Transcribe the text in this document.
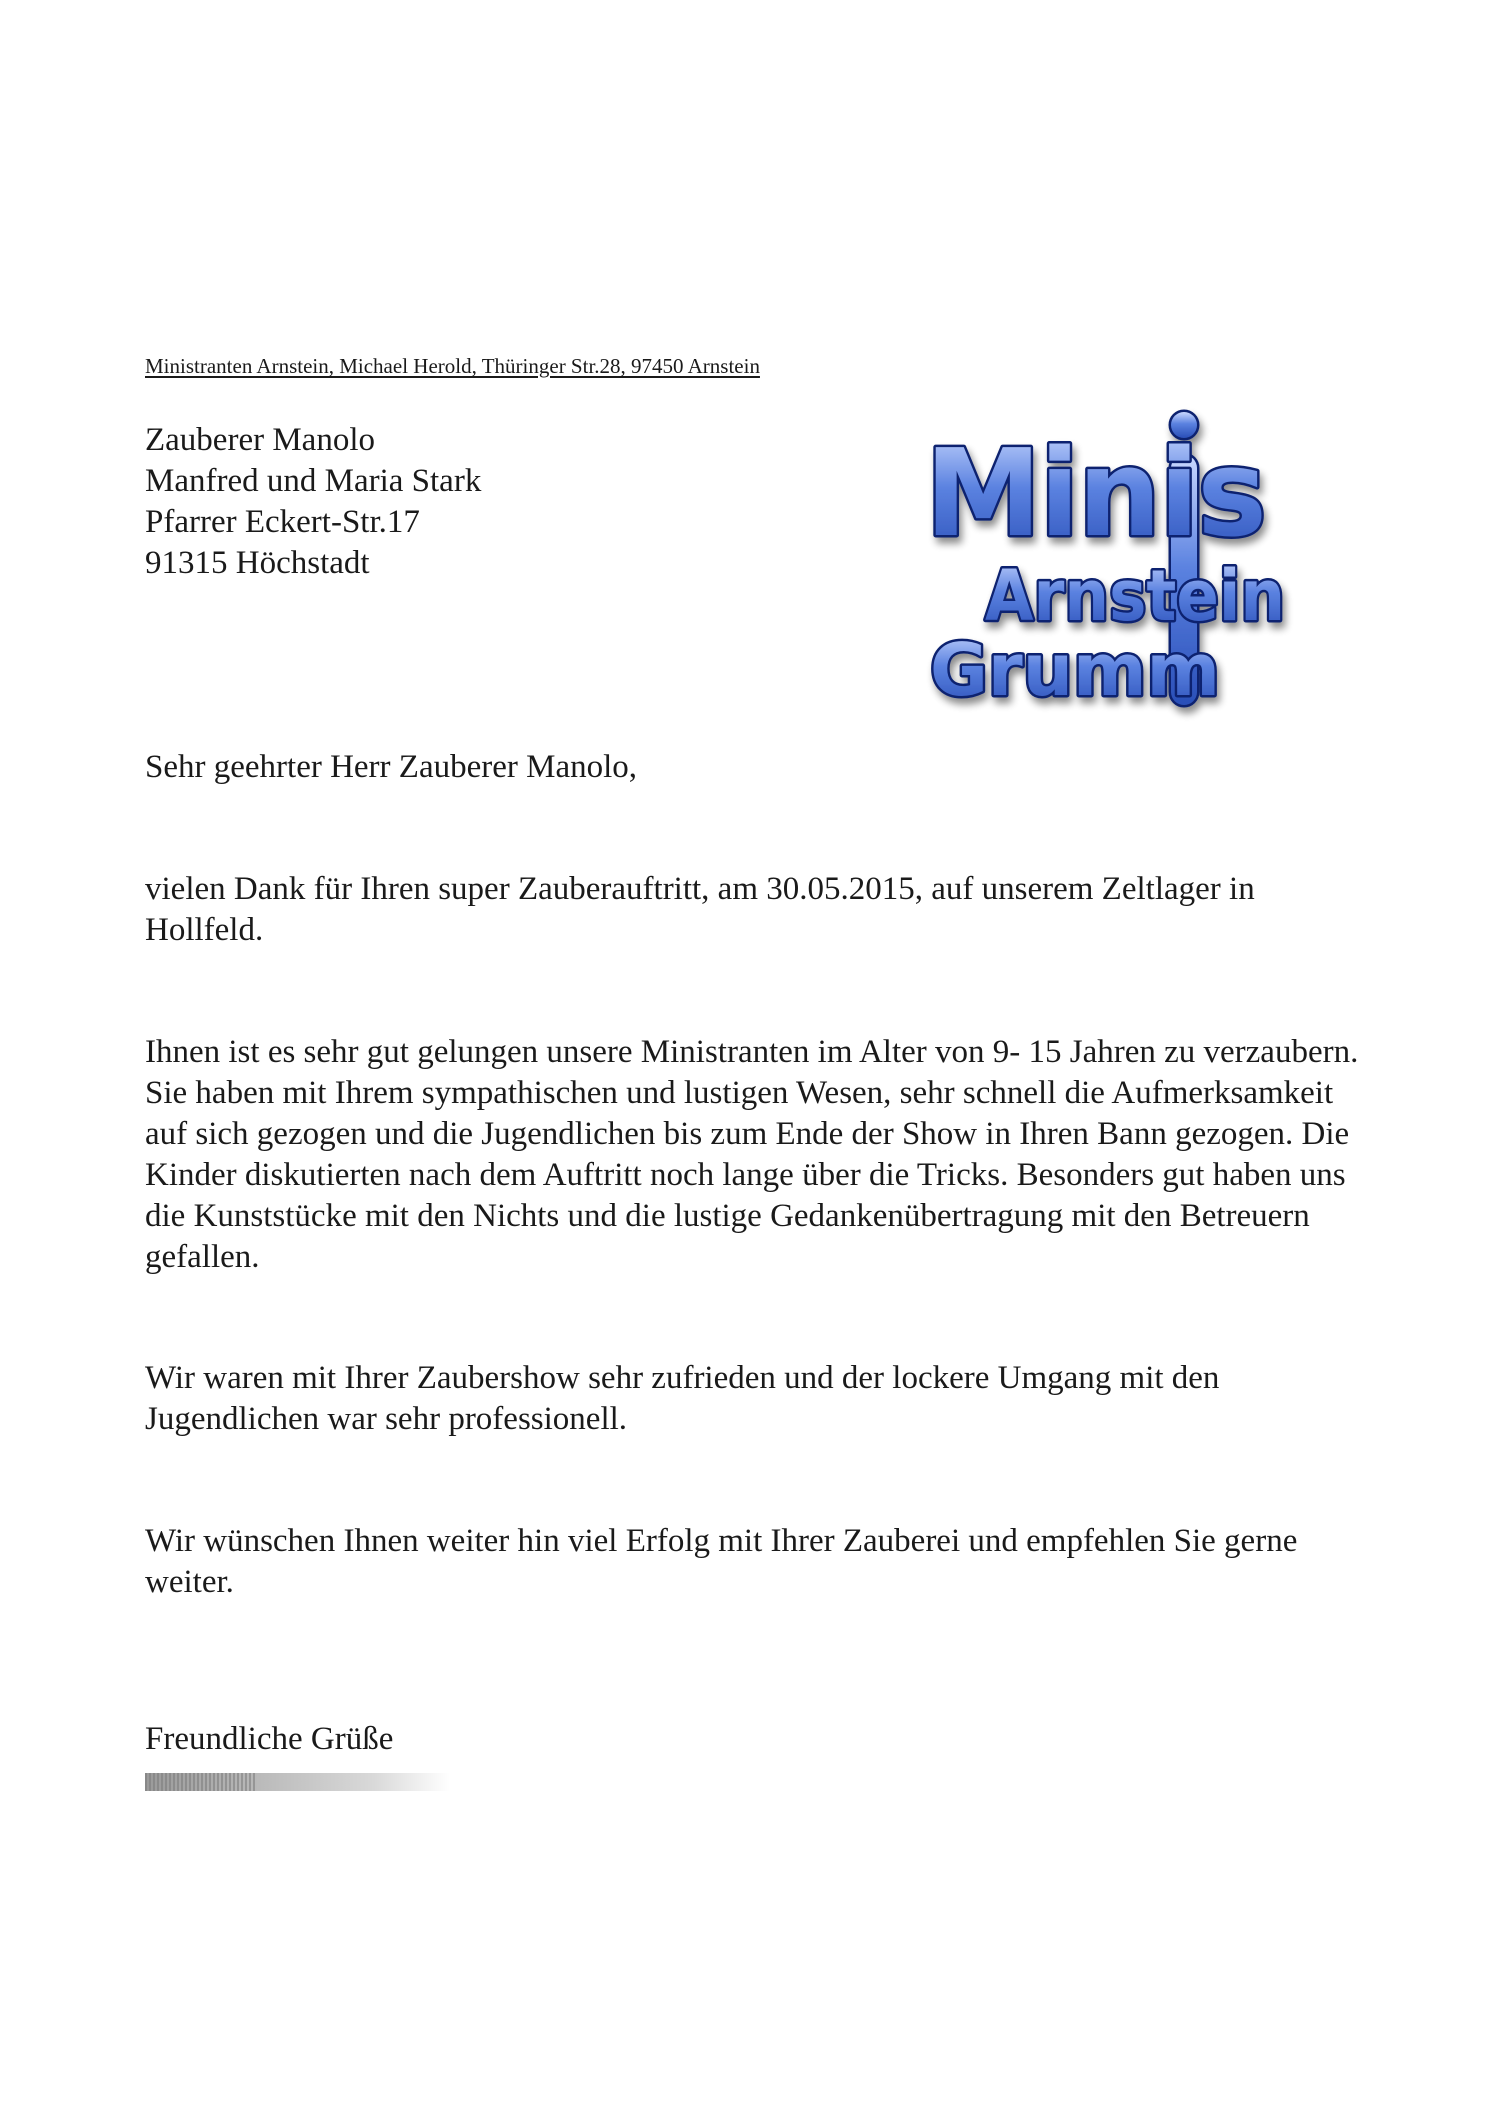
Ministranten Arnstein, Michael Herold, Thüringer Str.28, 97450 Arnstein
Zauberer Manolo
Manfred und Maria Stark
Pfarrer Eckert-Str.17
91315 Höchstadt	Minis
Arnstein
Grumm

Sehr geehrter Herr Zauberer Manolo,

vielen Dank für Ihren super Zauberauftritt, am 30.05.2015, auf unserem Zeltlager in Hollfeld.

Ihnen ist es sehr gut gelungen unsere Ministranten im Alter von 9- 15 Jahren zu verzaubern. Sie haben mit Ihrem sympathischen und lustigen Wesen, sehr schnell die Aufmerksamkeit auf sich gezogen und die Jugendlichen bis zum Ende der Show in Ihren Bann gezogen. Die Kinder diskutierten nach dem Auftritt noch lange über die Tricks. Besonders gut haben uns die Kunststücke mit den Nichts und die lustige Gedankenübertragung mit den Betreuern gefallen.

Wir waren mit Ihrer Zaubershow sehr zufrieden und der lockere Umgang mit den Jugendlichen war sehr professionell.

Wir wünschen Ihnen weiter hin viel Erfolg mit Ihrer Zauberei und empfehlen Sie gerne weiter.

Freundliche Grüße
